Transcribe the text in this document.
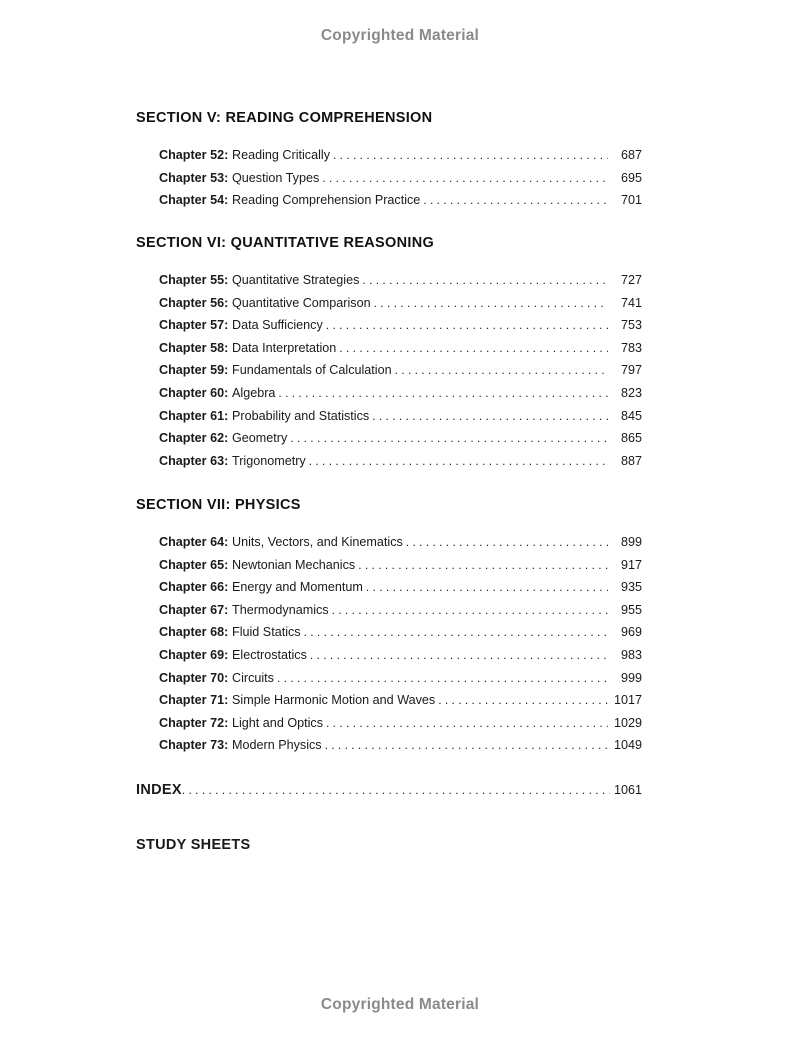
Copyrighted Material
SECTION V: READING COMPREHENSION
Chapter 52: Reading Critically . . .	687
Chapter 53: Question Types . . .	695
Chapter 54: Reading Comprehension Practice . . .	701
SECTION VI: QUANTITATIVE REASONING
Chapter 55: Quantitative Strategies . . .	727
Chapter 56: Quantitative Comparison . . .	741
Chapter 57: Data Sufficiency . . .	753
Chapter 58: Data Interpretation . . .	783
Chapter 59: Fundamentals of Calculation . . .	797
Chapter 60: Algebra . . .	823
Chapter 61: Probability and Statistics . . .	845
Chapter 62: Geometry . . .	865
Chapter 63: Trigonometry . . .	887
SECTION VII: PHYSICS
Chapter 64: Units, Vectors, and Kinematics . . .	899
Chapter 65: Newtonian Mechanics . . .	917
Chapter 66: Energy and Momentum . . .	935
Chapter 67: Thermodynamics . . .	955
Chapter 68: Fluid Statics . . .	969
Chapter 69: Electrostatics . . .	983
Chapter 70: Circuits . . .	999
Chapter 71: Simple Harmonic Motion and Waves . . .	1017
Chapter 72: Light and Optics . . .	1029
Chapter 73: Modern Physics . . .	1049
INDEX . . .	1061
STUDY SHEETS
Copyrighted Material
